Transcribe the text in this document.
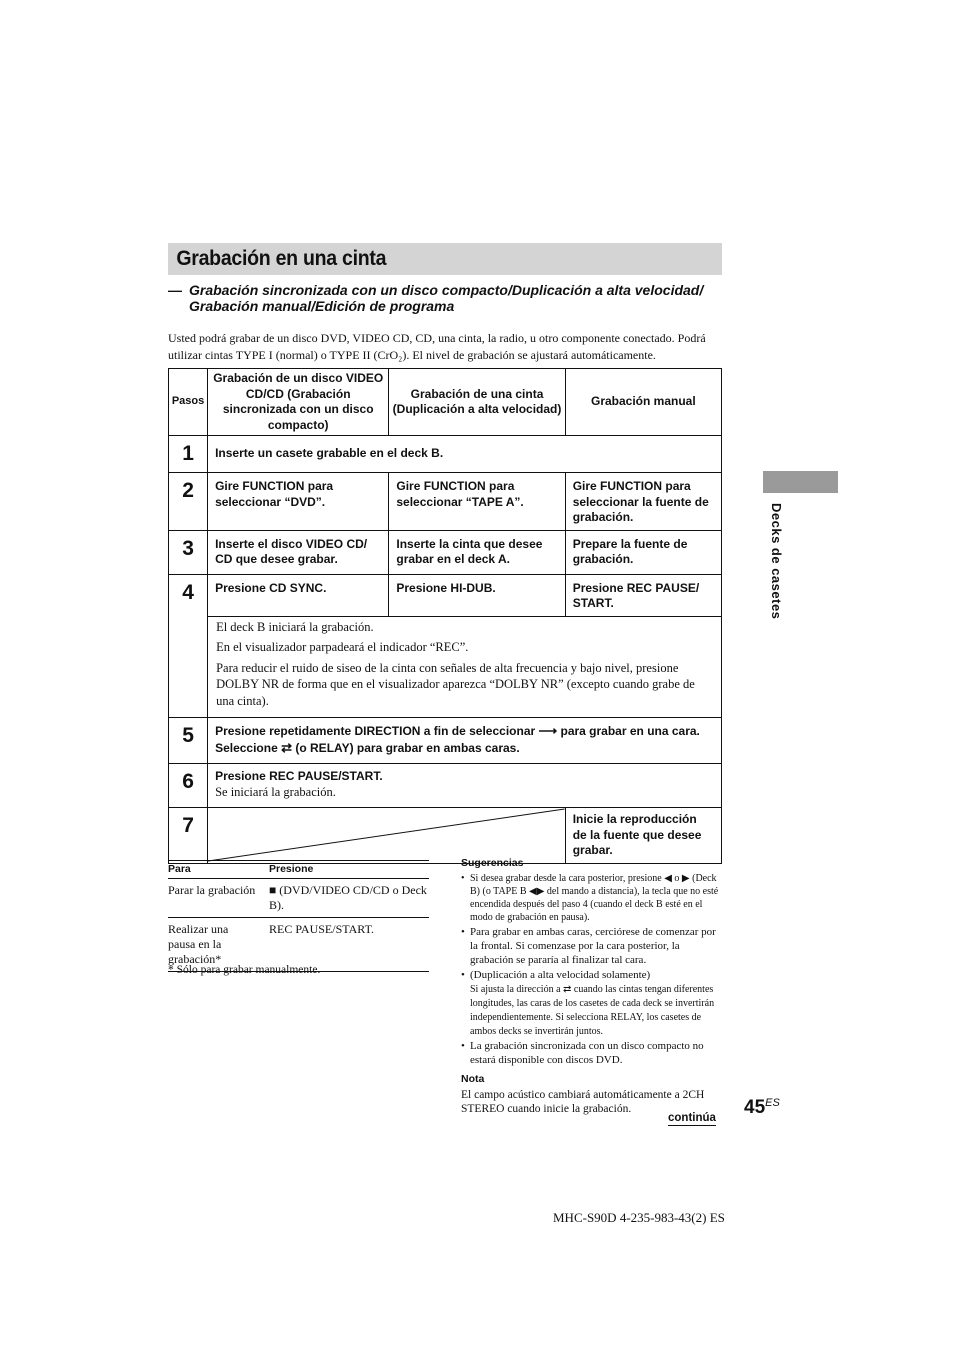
Grabación en una cinta
— Grabación sincronizada con un disco compacto/Duplicación a alta velocidad/
Grabación manual/Edición de programa

Usted podrá grabar de un disco DVD, VIDEO CD, CD, una cinta, la radio, u otro componente conectado. Podrá utilizar cintas TYPE I (normal) o TYPE II (CrO₂). El nivel de grabación se ajustará automáticamente.

Pasos	Grabación de un disco VIDEO CD/CD (Grabación sincronizada con un disco compacto)	Grabación de una cinta (Duplicación a alta velocidad)	Grabación manual
1	Inserte un casete grabable en el deck B.		
2	Gire FUNCTION para seleccionar “DVD”.	Gire FUNCTION para seleccionar “TAPE A”.	Gire FUNCTION para seleccionar la fuente de grabación.
3	Inserte el disco VIDEO CD/ CD que desee grabar.	Inserte la cinta que desee grabar en el deck A.	Prepare la fuente de grabación.
4	Presione CD SYNC.	Presione HI-DUB.	Presione REC PAUSE/ START.

	El deck B iniciará la grabación.

En el visualizador parpadeará el indicador “REC”.

Para reducir el ruido de siseo de la cinta con señales de alta frecuencia y bajo nivel, presione DOLBY NR de forma que en el visualizador aparezca “DOLBY NR” (excepto cuando grabe de una cinta).		

5	Presione repetidamente DIRECTION a fin de seleccionar ⟶ para grabar en una cara.
Seleccione ⇄ (o RELAY) para grabar en ambas caras.		
6	Presione REC PAUSE/START.
Se iniciará la grabación.		

7			Inicie la reproducción de la fuente que desee grabar.
Decks de casetes
Para	Presione
Parar la grabación	■ (DVD/VIDEO CD/CD o Deck B).
Realizar una pausa en la grabación*	REC PAUSE/START.
* Sólo para grabar manualmente.
Sugerencias
• Si desea grabar desde la cara posterior, presione ◀ o ▶ (Deck B) (o TAPE B ◀▶ del mando a distancia), la tecla que no esté encendida después del paso 4 (cuando el deck B esté en el modo de grabación en pausa).
• Para grabar en ambas caras, cerciórese de comenzar por la frontal. Si comenzase por la cara posterior, la grabación se pararía al finalizar tal cara.
• (Duplicación a alta velocidad solamente)
Si ajusta la dirección a ⇄ cuando las cintas tengan diferentes longitudes, las caras de los casetes de cada deck se invertirán independientemente. Si selecciona RELAY, los casetes de ambos decks se invertirán juntos.
• La grabación sincronizada con un disco compacto no estará disponible con discos DVD.
Nota

El campo acústico cambiará automáticamente a 2CH STEREO cuando inicie la grabación.

continúa $45^{ES}$
MHC-S90D 4-235-983-43(2) ES
